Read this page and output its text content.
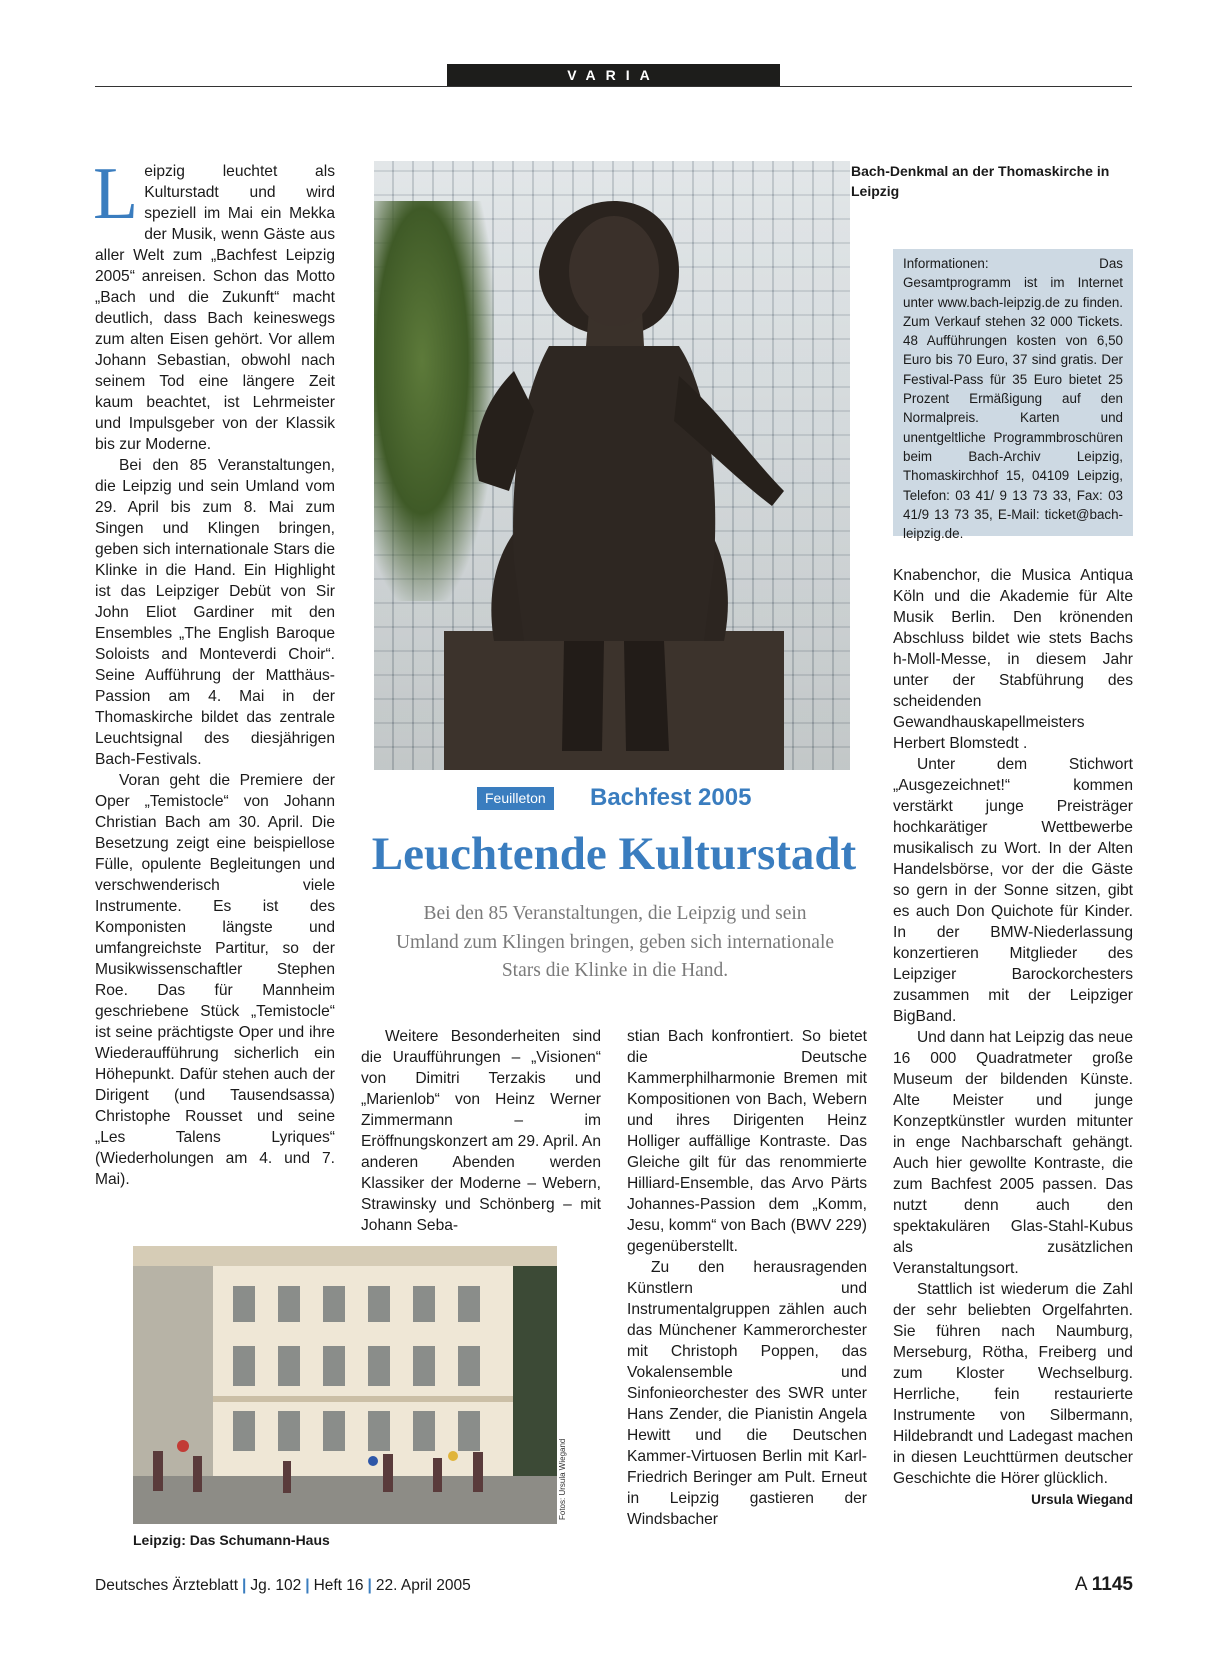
VARIA

Leipzig leuchtet als Kulturstadt und wird speziell im Mai ein Mekka der Musik, wenn Gäste aus aller Welt zum „Bachfest Leipzig 2005“ anreisen. Schon das Motto „Bach und die Zukunft“ macht deutlich, dass Bach keineswegs zum alten Eisen gehört. Vor allem Johann Sebastian, obwohl nach seinem Tod eine längere Zeit kaum beachtet, ist Lehrmeister und Impulsgeber von der Klassik bis zur Moderne.

Bei den 85 Veranstaltungen, die Leipzig und sein Umland vom 29. April bis zum 8. Mai zum Singen und Klingen bringen, geben sich internationale Stars die Klinke in die Hand. Ein Highlight ist das Leipziger Debüt von Sir John Eliot Gardiner mit den Ensembles „The English Baroque Soloists and Monteverdi Choir“. Seine Aufführung der Matthäus-Passion am 4. Mai in der Thomaskirche bildet das zentrale Leuchtsignal des diesjährigen Bach-Festivals.

Voran geht die Premiere der Oper „Temistocle“ von Johann Christian Bach am 30. April. Die Besetzung zeigt eine beispiellose Fülle, opulente Begleitungen und verschwenderisch viele Instrumente. Es ist des Komponisten längste und umfangreichste Partitur, so der Musikwissenschaftler Stephen Roe. Das für Mannheim geschriebene Stück „Temistocle“ ist seine prächtigste Oper und ihre Wiederaufführung sicherlich ein Höhepunkt. Dafür stehen auch der Dirigent (und Tausendsassa) Christophe Rousset und seine „Les Talens Lyriques“ (Wiederholungen am 4. und 7. Mai).

Bach-Denkmal an der Thomaskirche in Leipzig
Informationen: Das Gesamtprogramm ist im Internet unter www.bach-leipzig.de zu finden. Zum Verkauf stehen 32 000 Tickets. 48 Aufführungen kosten von 6,50 Euro bis 70 Euro, 37 sind gratis. Der Festival-Pass für 35 Euro bietet 25 Prozent Ermäßigung auf den Normalpreis. Karten und unentgeltliche Programmbroschüren beim Bach-Archiv Leipzig, Thomaskirchhof 15, 04109 Leipzig, Telefon: 03 41/ 9 13 73 33, Fax: 03 41/9 13 73 35, E-Mail: ticket@bach-leipzig.de.
Feuilleton	Bachfest 2005
Leuchtende Kulturstadt
Bei den 85 Veranstaltungen, die Leipzig und sein Umland zum Klingen bringen, geben sich internationale Stars die Klinke in die Hand.

Weitere Besonderheiten sind die Uraufführungen – „Visionen“ von Dimitri Terzakis und „Marienlob“ von Heinz Werner Zimmermann – im Eröffnungskonzert am 29. April. An anderen Abenden werden Klassiker der Moderne – Webern, Strawinsky und Schönberg – mit Johann Seba-

stian Bach konfrontiert. So bietet die Deutsche Kammerphilharmonie Bremen mit Kompositionen von Bach, Webern und ihres Dirigenten Heinz Holliger auffällige Kontraste. Das Gleiche gilt für das renommierte Hilliard-Ensemble, das Arvo Pärts Johannes-Passion dem „Komm, Jesu, komm“ von Bach (BWV 229) gegenüberstellt.

Zu den herausragenden Künstlern und Instrumentalgruppen zählen auch das Münchener Kammerorchester mit Christoph Poppen, das Vokalensemble und Sinfonieorchester des SWR unter Hans Zender, die Pianistin Angela Hewitt und die Deutschen Kammer-Virtuosen Berlin mit Karl-Friedrich Beringer am Pult. Erneut in Leipzig gastieren der Windsbacher

Knabenchor, die Musica Antiqua Köln und die Akademie für Alte Musik Berlin. Den krönenden Abschluss bildet wie stets Bachs h-Moll-Messe, in diesem Jahr unter der Stabführung des scheidenden Gewandhauskapellmeisters Herbert Blomstedt .

Unter dem Stichwort „Ausgezeichnet!“ kommen verstärkt junge Preisträger hochkarätiger Wettbewerbe musikalisch zu Wort. In der Alten Handelsbörse, vor der die Gäste so gern in der Sonne sitzen, gibt es auch Don Quichote für Kinder. In der BMW-Niederlassung konzertieren Mitglieder des Leipziger Barockorchesters zusammen mit der Leipziger BigBand.

Und dann hat Leipzig das neue 16 000 Quadratmeter große Museum der bildenden Künste. Alte Meister und junge Konzeptkünstler wurden mitunter in enge Nachbarschaft gehängt. Auch hier gewollte Kontraste, die zum Bachfest 2005 passen. Das nutzt denn auch den spektakulären Glas-Stahl-Kubus als zusätzlichen Veranstaltungsort.

Stattlich ist wiederum die Zahl der sehr beliebten Orgelfahrten. Sie führen nach Naumburg, Merseburg, Rötha, Freiberg und zum Kloster Wechselburg. Herrliche, fein restaurierte Instrumente von Silbermann, Hildebrandt und Ladegast machen in diesen Leuchttürmen deutscher Geschichte die Hörer glücklich.
Ursula Wiegand

Fotos: Ursula Wiegand
Leipzig: Das Schumann-Haus
Deutsches Ärzteblatt | Jg. 102 | Heft 16 | 22. April 2005	A 1145
